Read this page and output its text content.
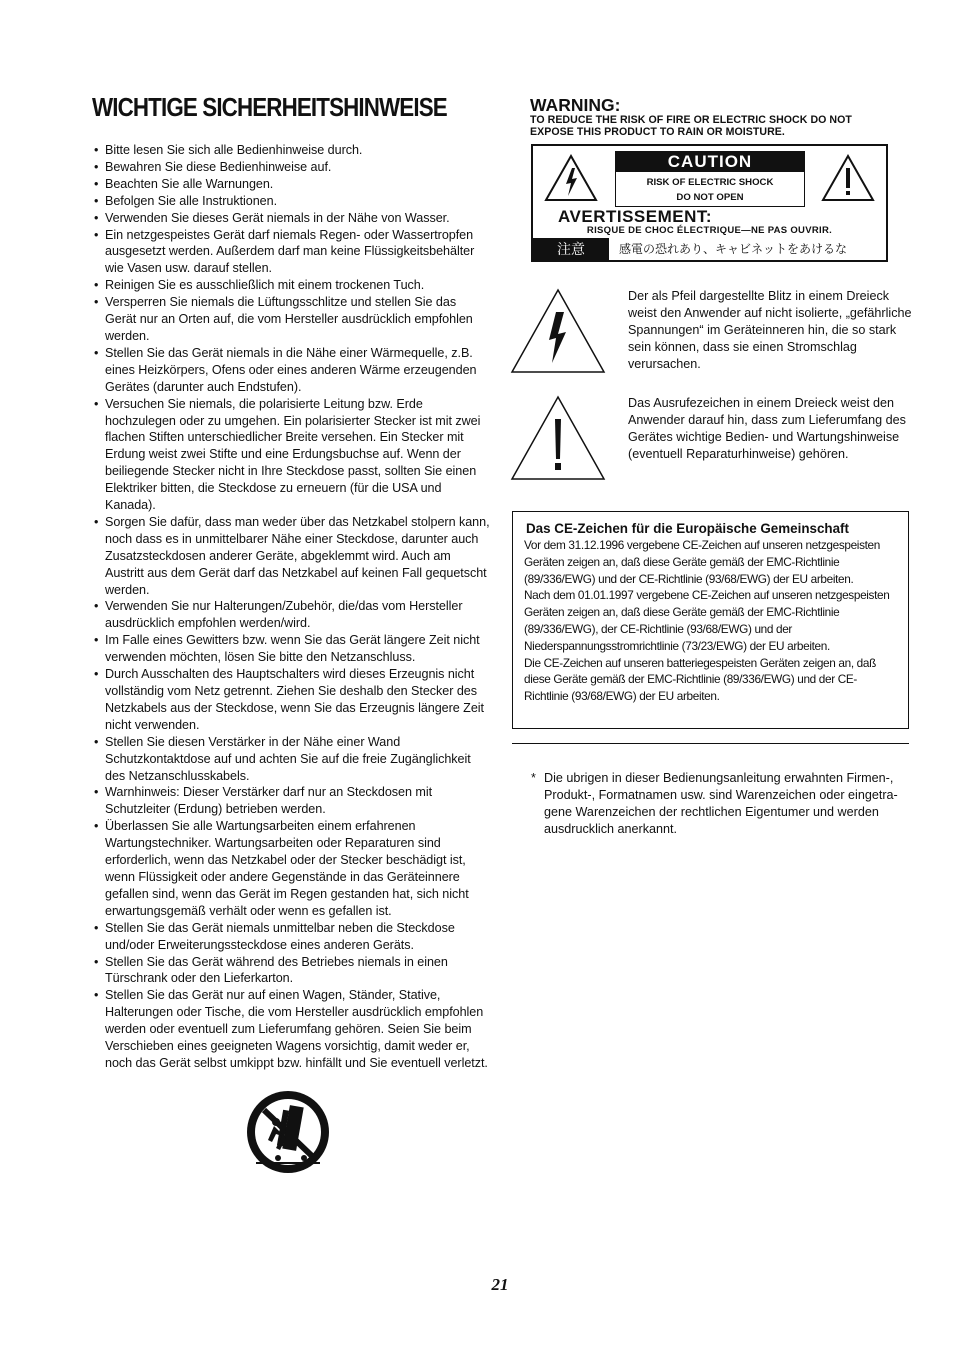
WICHTIGE SICHERHEITSHINWEISE
• Bitte lesen Sie sich alle Bedienhinweise durch.
• Bewahren Sie diese Bedienhinweise auf.
• Beachten Sie alle Warnungen.
• Befolgen Sie alle Instruktionen.
• Verwenden Sie dieses Gerät niemals in der Nähe von Wasser.
• Ein netzgespeistes Gerät darf niemals Regen- oder Wassertropfen ausgesetzt werden. Außerdem darf man keine Flüssigkeitsbehälter wie Vasen usw. darauf stellen.
• Reinigen Sie es ausschließlich mit einem trockenen Tuch.
• Versperren Sie niemals die Lüftungsschlitze und stellen Sie das Gerät nur an Orten auf, die vom Hersteller ausdrücklich empfohlen werden.
• Stellen Sie das Gerät niemals in die Nähe einer Wärmequelle, z.B. eines Heizkörpers, Ofens oder eines anderen Wärme erzeugenden Gerätes (darunter auch Endstufen).
• Versuchen Sie niemals, die polarisierte Leitung bzw. Erde hochzulegen oder zu umgehen. Ein polarisierter Stecker ist mit zwei flachen Stiften unterschiedlicher Breite versehen. Ein Stecker mit Erdung weist zwei Stifte und eine Erdungsbuchse auf. Wenn der beiliegende Stecker nicht in Ihre Steckdose passt, sollten Sie einen Elektriker bitten, die Steckdose zu erneuern (für die USA und Kanada).
• Sorgen Sie dafür, dass man weder über das Netzkabel stolpern kann, noch dass es in unmittelbarer Nähe einer Steckdose, darunter auch Zusatzsteckdosen anderer Geräte, abgeklemmt wird. Auch am Austritt aus dem Gerät darf das Netzkabel auf keinen Fall gequetscht werden.
• Verwenden Sie nur Halterungen/Zubehör, die/das vom Hersteller ausdrücklich empfohlen werden/wird.
• Im Falle eines Gewitters bzw. wenn Sie das Gerät längere Zeit nicht verwenden möchten, lösen Sie bitte den Netzanschluss.
• Durch Ausschalten des Hauptschalters wird dieses Erzeugnis nicht vollständig vom Netz getrennt. Ziehen Sie deshalb den Stecker des Netzkabels aus der Steckdose, wenn Sie das Erzeugnis längere Zeit nicht verwenden.
• Stellen Sie diesen Verstärker in der Nähe einer Wand Schutzkontaktdose auf und achten Sie auf die freie Zugänglichkeit des Netzanschlusskabels.
• Warnhinweis: Dieser Verstärker darf nur an Steckdosen mit Schutzleiter (Erdung) betrieben werden.
• Überlassen Sie alle Wartungsarbeiten einem erfahrenen Wartungstechniker. Wartungsarbeiten oder Reparaturen sind erforderlich, wenn das Netzkabel oder der Stecker beschädigt ist, wenn Flüssigkeit oder andere Gegenstände in das Geräteinnere gefallen sind, wenn das Gerät im Regen gestanden hat, sich nicht erwartungsgemäß verhält oder wenn es gefallen ist.
• Stellen Sie das Gerät niemals unmittelbar neben die Steckdose und/oder Erweiterungssteckdose eines anderen Geräts.
• Stellen Sie das Gerät während des Betriebes niemals in einen Türschrank oder den Lieferkarton.
• Stellen Sie das Gerät nur auf einen Wagen, Ständer, Stative, Halterungen oder Tische, die vom Hersteller ausdrücklich empfohlen werden oder eventuell zum Lieferumfang gehören. Seien Sie beim Verschieben eines geeigneten Wagens vorsichtig, damit weder er, noch das Gerät selbst umkippt bzw. hinfällt und Sie eventuell verletzt.
WARNING:
TO REDUCE THE RISK OF FIRE OR ELECTRIC SHOCK DO NOT
EXPOSE THIS PRODUCT TO RAIN OR MOISTURE.
CAUTION
RISK OF ELECTRIC SHOCK
DO NOT OPEN
AVERTISSEMENT:
RISQUE DE CHOC ÉLECTRIQUE—NE PAS OUVRIR.
注意	感電の恐れあり、キャビネットをあけるな
Der als Pfeil dargestellte Blitz in einem Dreieck weist den Anwender auf nicht isolierte, „gefährliche Spannungen“ im Geräteinneren hin, die so stark sein können, dass sie einen Stromschlag verursachen.
Das Ausrufezeichen in einem Dreieck weist den Anwender darauf hin, dass zum Lieferumfang des Gerätes wichtige Bedien- und Wartungshinweise (eventuell Reparaturhinweise) gehören.
Das CE-Zeichen für die Europäische Gemeinschaft

Vor dem 31.12.1996 vergebene CE-Zeichen auf unseren netzgespeisten Geräten zeigen an, daß diese Geräte gemäß der EMC-Richtlinie (89/336/EWG) und der CE-Richtlinie (93/68/EWG) der EU arbeiten.

Nach dem 01.01.1997 vergebene CE-Zeichen auf unseren netzgespeisten Geräten zeigen an, daß diese Geräte gemäß der EMC-Richtlinie (89/336/EWG), der CE-Richtlinie (93/68/EWG) und der Niederspannungsstromrichtlinie (73/23/EWG) der EU arbeiten.

Die CE-Zeichen auf unseren batteriegespeisten Geräten zeigen an, daß diese Geräte gemäß der EMC-Richtlinie (89/336/EWG) und der CE-Richtlinie (93/68/EWG) der EU arbeiten.

* Die ubrigen in dieser Bedienungsanleitung erwahnten Firmen-, Produkt-, Formatnamen usw. sind Warenzeichen oder eingetra-gene Warenzeichen der rechtlichen Eigentumer und werden ausdrucklich anerkannt.
21
